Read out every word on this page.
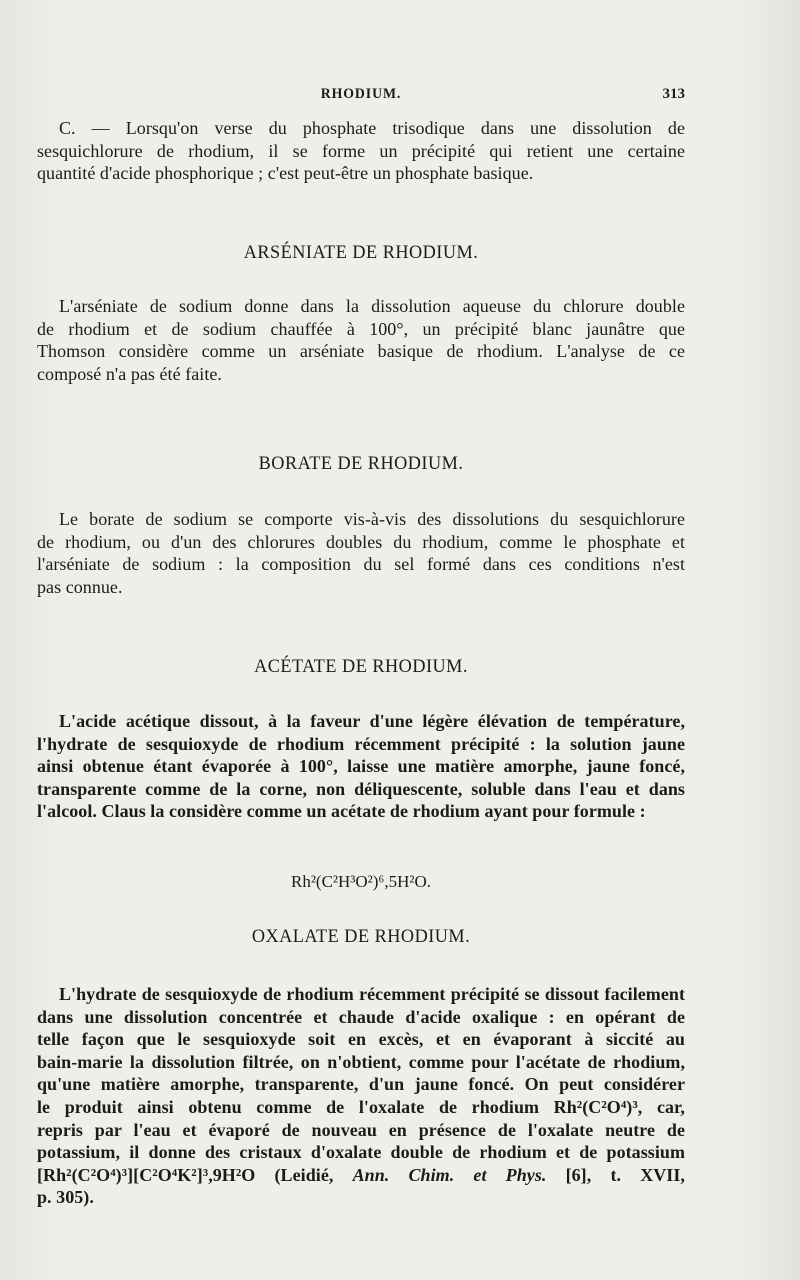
RHODIUM.	313
C. — Lorsqu'on verse du phosphate trisodique dans une dissolution de
sesquichlorure de rhodium, il se forme un précipité qui retient une certaine
quantité d'acide phosphorique ; c'est peut-être un phosphate basique.
ARSÉNIATE DE RHODIUM.
L'arséniate de sodium donne dans la dissolution aqueuse du chlorure double
de rhodium et de sodium chauffée à 100°, un précipité blanc jaunâtre que
Thomson considère comme un arséniate basique de rhodium. L'analyse de ce
composé n'a pas été faite.
BORATE DE RHODIUM.
Le borate de sodium se comporte vis-à-vis des dissolutions du sesquichlorure
de rhodium, ou d'un des chlorures doubles du rhodium, comme le phosphate et
l'arséniate de sodium : la composition du sel formé dans ces conditions n'est
pas connue.
ACÉTATE DE RHODIUM.
L'acide acétique dissout, à la faveur d'une légère élévation de température,
l'hydrate de sesquioxyde de rhodium récemment précipité : la solution jaune
ainsi obtenue étant évaporée à 100°, laisse une matière amorphe, jaune foncé,
transparente comme de la corne, non déliquescente, soluble dans l'eau et dans
l'alcool. Claus la considère comme un acétate de rhodium ayant pour formule :
Rh²(C²H³O²)⁶,5H²O.
OXALATE DE RHODIUM.
L'hydrate de sesquioxyde de rhodium récemment précipité se dissout facilement
dans une dissolution concentrée et chaude d'acide oxalique : en opérant de
telle façon que le sesquioxyde soit en excès, et en évaporant à siccité au
bain-marie la dissolution filtrée, on n'obtient, comme pour l'acétate de rhodium,
qu'une matière amorphe, transparente, d'un jaune foncé. On peut considérer
le produit ainsi obtenu comme de l'oxalate de rhodium Rh²(C²O⁴)³, car,
repris par l'eau et évaporé de nouveau en présence de l'oxalate neutre de
potassium, il donne des cristaux d'oxalate double de rhodium et de potassium
[Rh²(C²O⁴)³][C²O⁴K²]³,9H²O (Leidié, Ann. Chim. et Phys. [6], t. XVII,
p. 305).
